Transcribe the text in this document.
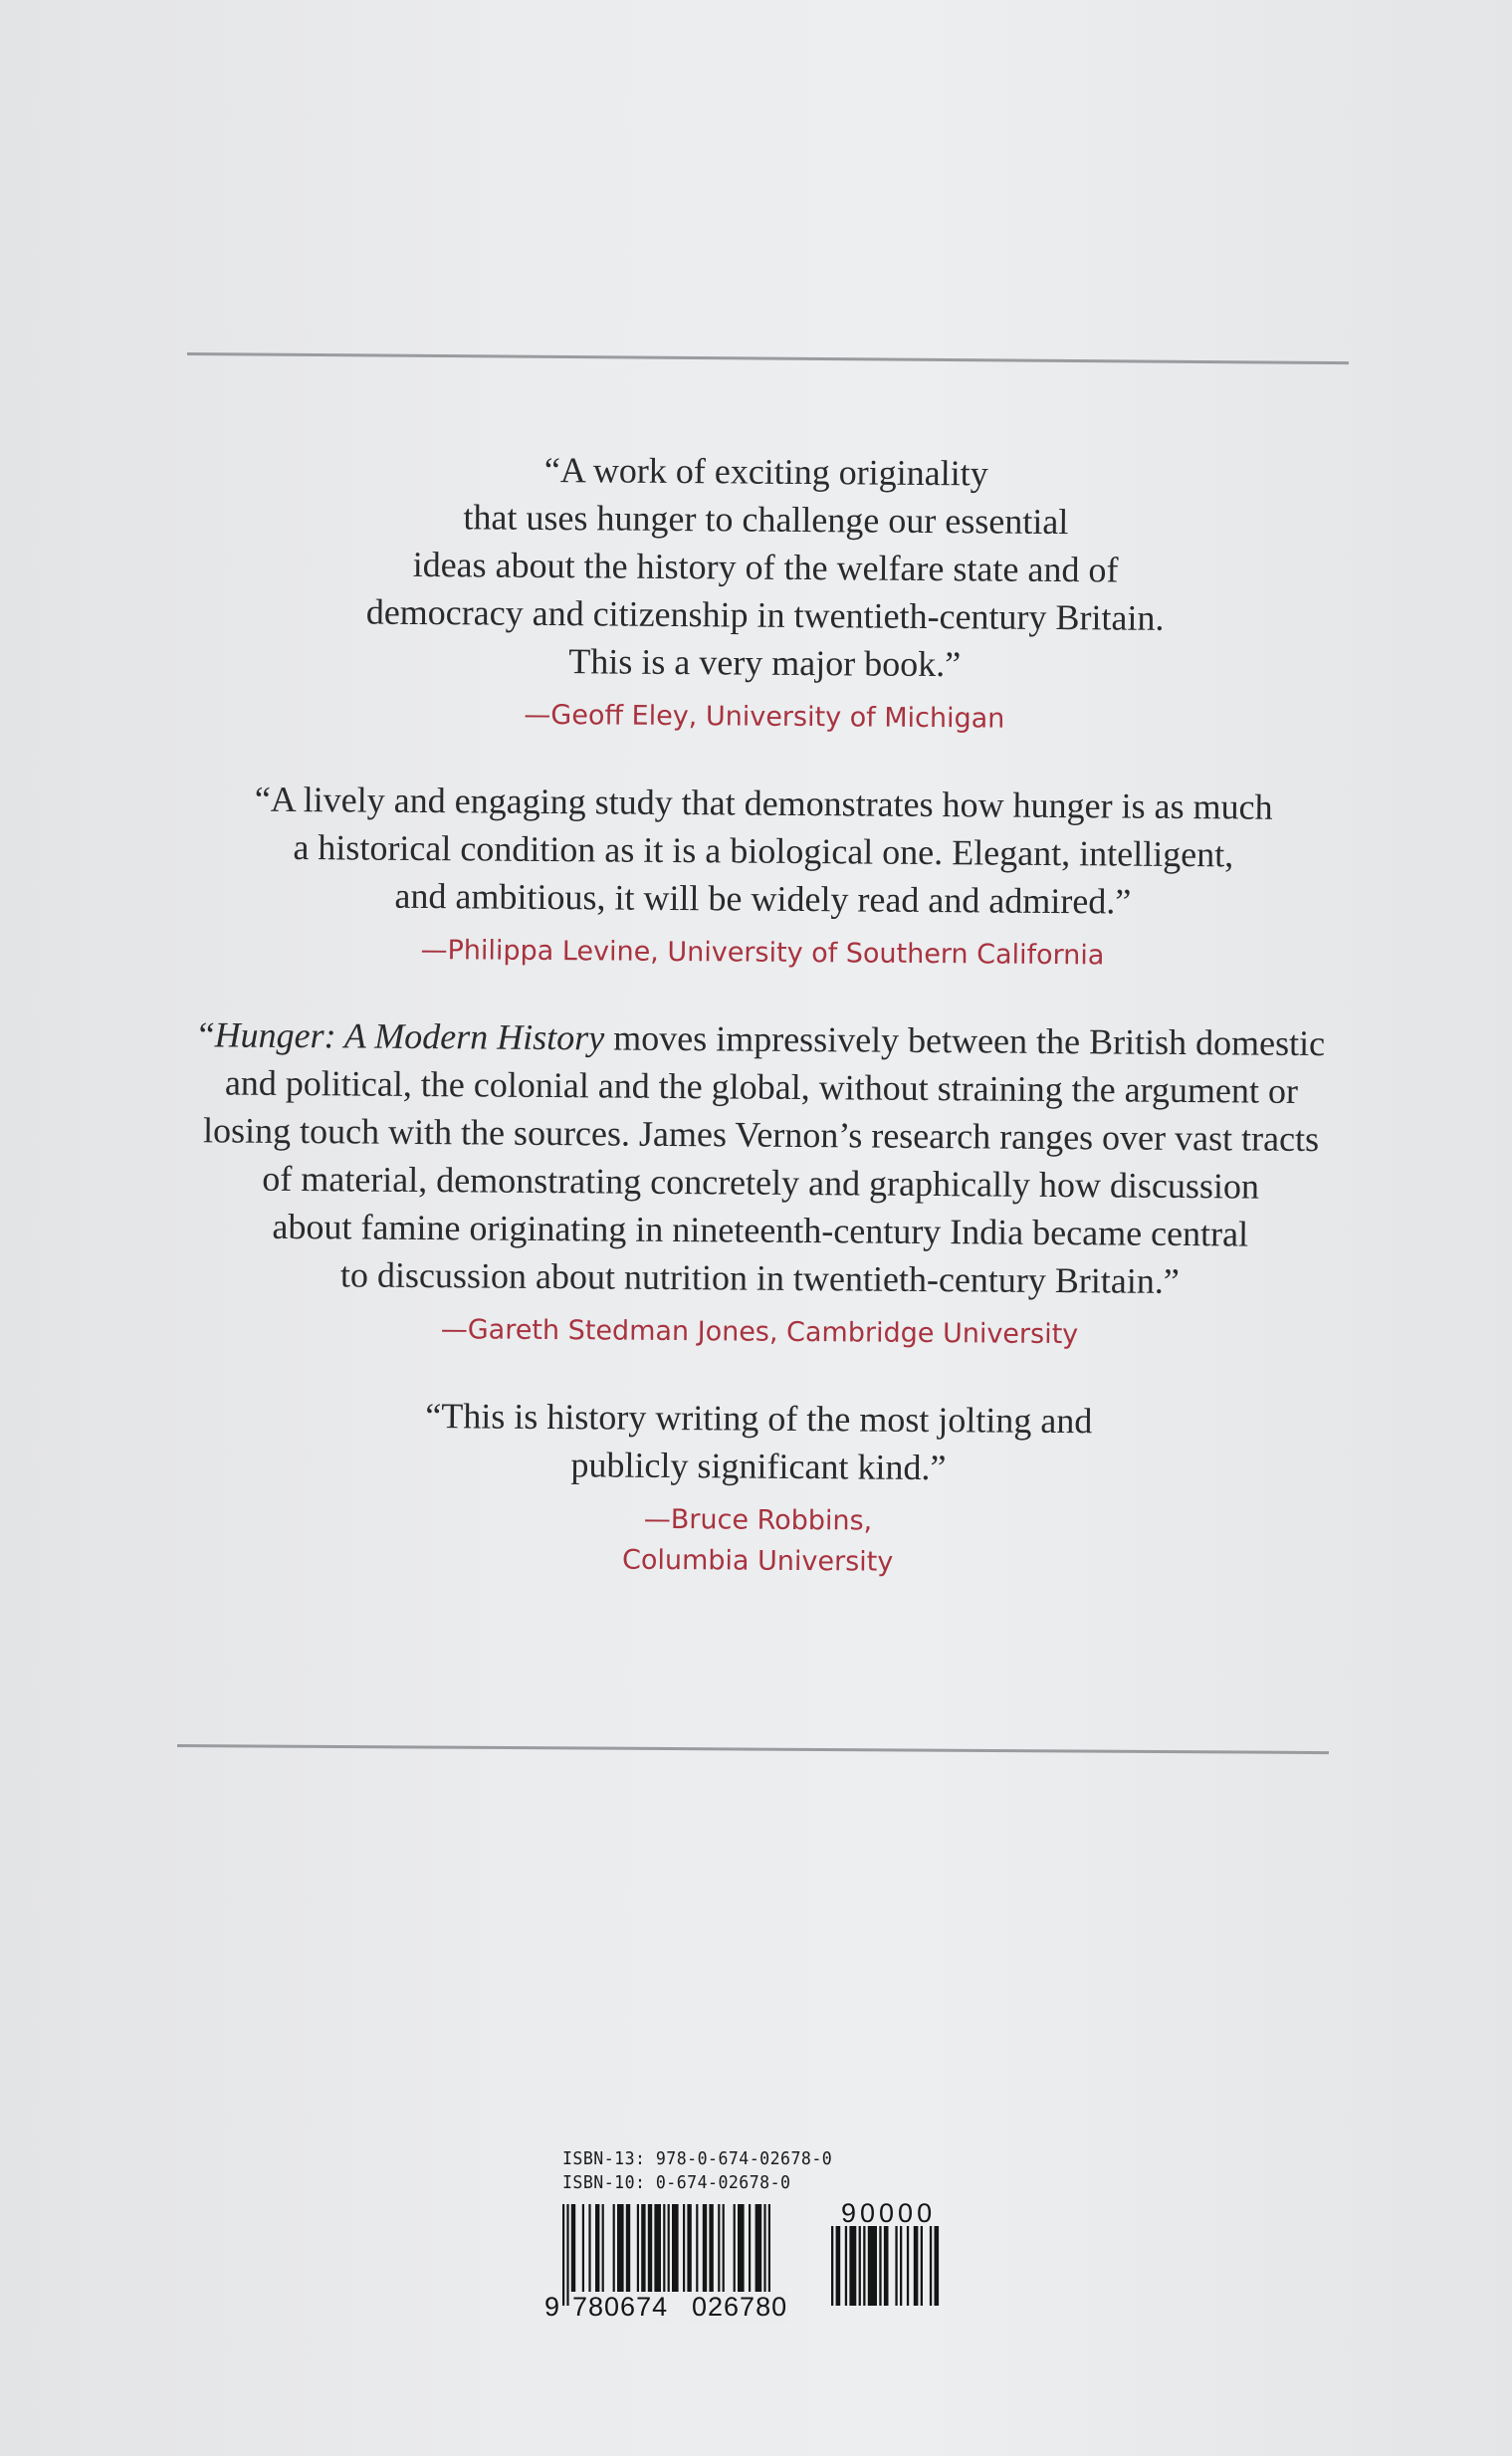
“A work of exciting originality
that uses hunger to challenge our essential
ideas about the history of the welfare state and of
democracy and citizenship in twentieth-century Britain.
This is a very major book.”
—Geoff Eley, University of Michigan
“A lively and engaging study that demonstrates how hunger is as much
a historical condition as it is a biological one. Elegant, intelligent,
and ambitious, it will be widely read and admired.”
—Philippa Levine, University of Southern California
“Hunger: A Modern History moves impressively between the British domestic
and political, the colonial and the global, without straining the argument or
losing touch with the sources. James Vernon’s research ranges over vast tracts
of material, demonstrating concretely and graphically how discussion
about famine originating in nineteenth-century India became central
to discussion about nutrition in twentieth-century Britain.”
—Gareth Stedman Jones, Cambridge University
“This is history writing of the most jolting and
publicly significant kind.”
—Bruce Robbins,
Columbia University
ISBN-13: 978-0-674-02678-0
ISBN-10: 0-674-02678-0
9 780674 026780
90000
